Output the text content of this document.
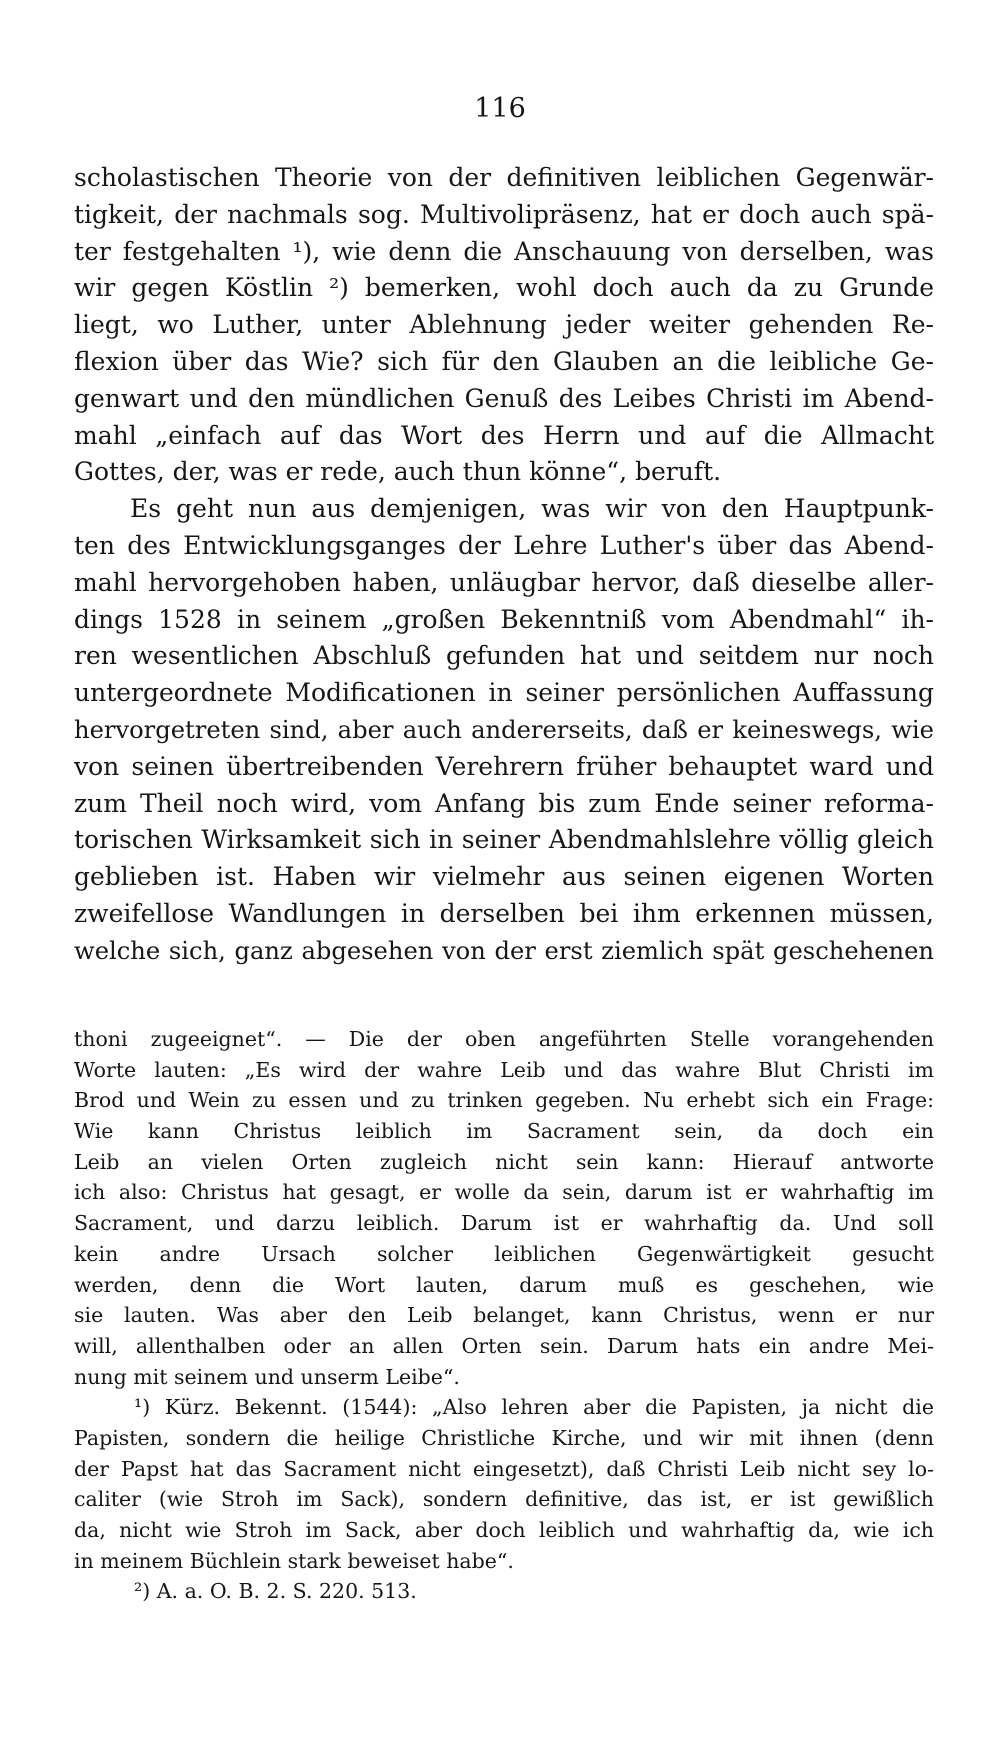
116
scholastischen Theorie von der definitiven leiblichen Gegenwär-
tigkeit, der nachmals sog. Multivolipräsenz, hat er doch auch spä-
ter festgehalten ¹), wie denn die Anschauung von derselben, was
wir gegen Köstlin ²) bemerken, wohl doch auch da zu Grunde
liegt, wo Luther, unter Ablehnung jeder weiter gehenden Re-
flexion über das Wie? sich für den Glauben an die leibliche Ge-
genwart und den mündlichen Genuß des Leibes Christi im Abend-
mahl „einfach auf das Wort des Herrn und auf die Allmacht
Gottes, der, was er rede, auch thun könne“, beruft.
Es geht nun aus demjenigen, was wir von den Hauptpunk-
ten des Entwicklungsganges der Lehre Luther's über das Abend-
mahl hervorgehoben haben, unläugbar hervor, daß dieselbe aller-
dings 1528 in seinem „großen Bekenntniß vom Abendmahl“ ih-
ren wesentlichen Abschluß gefunden hat und seitdem nur noch
untergeordnete Modificationen in seiner persönlichen Auffassung
hervorgetreten sind, aber auch andererseits, daß er keineswegs, wie
von seinen übertreibenden Verehrern früher behauptet ward und
zum Theil noch wird, vom Anfang bis zum Ende seiner reforma-
torischen Wirksamkeit sich in seiner Abendmahlslehre völlig gleich
geblieben ist. Haben wir vielmehr aus seinen eigenen Worten
zweifellose Wandlungen in derselben bei ihm erkennen müssen,
welche sich, ganz abgesehen von der erst ziemlich spät geschehenen
thoni zugeeignet“. — Die der oben angeführten Stelle vorangehenden
Worte lauten: „Es wird der wahre Leib und das wahre Blut Christi im
Brod und Wein zu essen und zu trinken gegeben. Nu erhebt sich ein Frage:
Wie kann Christus leiblich im Sacrament sein, da doch ein
Leib an vielen Orten zugleich nicht sein kann: Hierauf antworte
ich also: Christus hat gesagt, er wolle da sein, darum ist er wahrhaftig im
Sacrament, und darzu leiblich. Darum ist er wahrhaftig da. Und soll
kein andre Ursach solcher leiblichen Gegenwärtigkeit gesucht
werden, denn die Wort lauten, darum muß es geschehen, wie
sie lauten. Was aber den Leib belanget, kann Christus, wenn er nur
will, allenthalben oder an allen Orten sein. Darum hats ein andre Mei-
nung mit seinem und unserm Leibe“.
¹) Kürz. Bekennt. (1544): „Also lehren aber die Papisten, ja nicht die
Papisten, sondern die heilige Christliche Kirche, und wir mit ihnen (denn
der Papst hat das Sacrament nicht eingesetzt), daß Christi Leib nicht sey lo-
caliter (wie Stroh im Sack), sondern definitive, das ist, er ist gewißlich
da, nicht wie Stroh im Sack, aber doch leiblich und wahrhaftig da, wie ich
in meinem Büchlein stark beweiset habe“.
²) A. a. O. B. 2. S. 220. 513.
